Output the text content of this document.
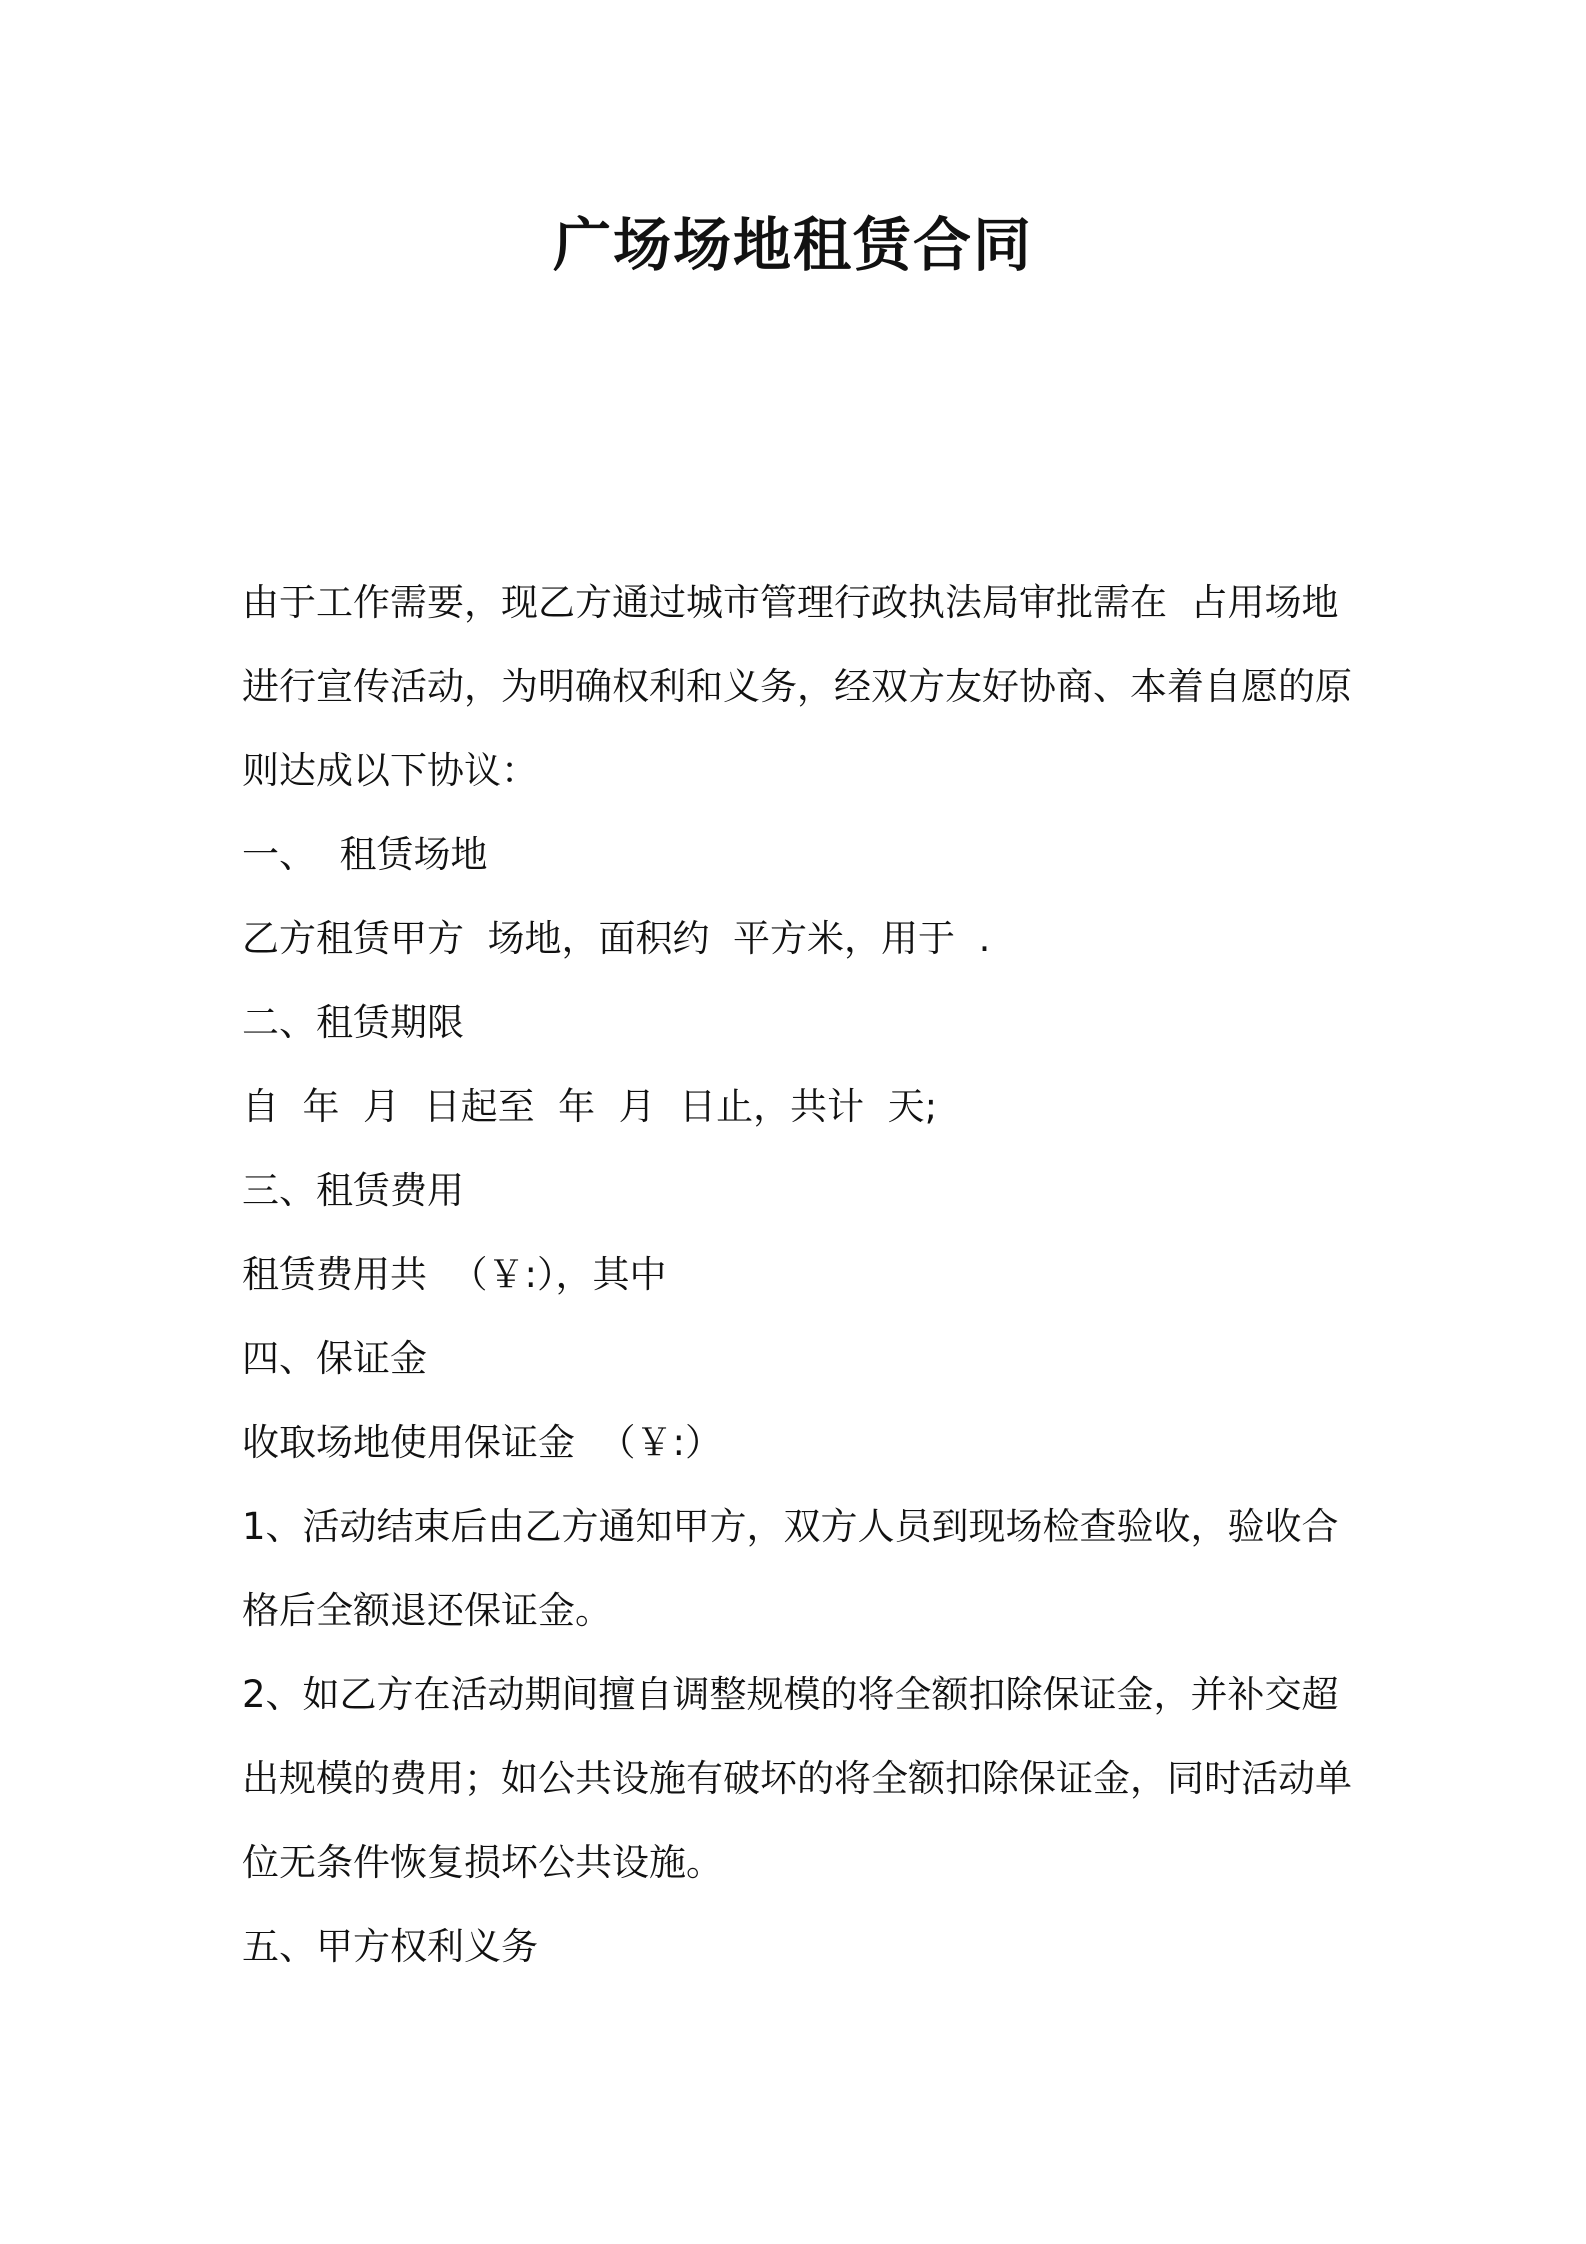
广场场地租赁合同

由于工作需要，现乙方通过城市管理行政执法局审批需在  占用场地
进行宣传活动，为明确权利和义务，经双方友好协商、本着自愿的原
则达成以下协议：
一、  租赁场地
乙方租赁甲方  场地，面积约  平方米，用于  .
二、租赁期限
自  年  月  日起至  年  月  日止，共计  天;
三、租赁费用
租赁费用共  （￥:），其中
四、保证金
收取场地使用保证金  （￥:）
1、活动结束后由乙方通知甲方，双方人员到现场检查验收，验收合
格后全额退还保证金。
2、如乙方在活动期间擅自调整规模的将全额扣除保证金，并补交超
出规模的费用；如公共设施有破坏的将全额扣除保证金，同时活动单
位无条件恢复损坏公共设施。
五、甲方权利义务
